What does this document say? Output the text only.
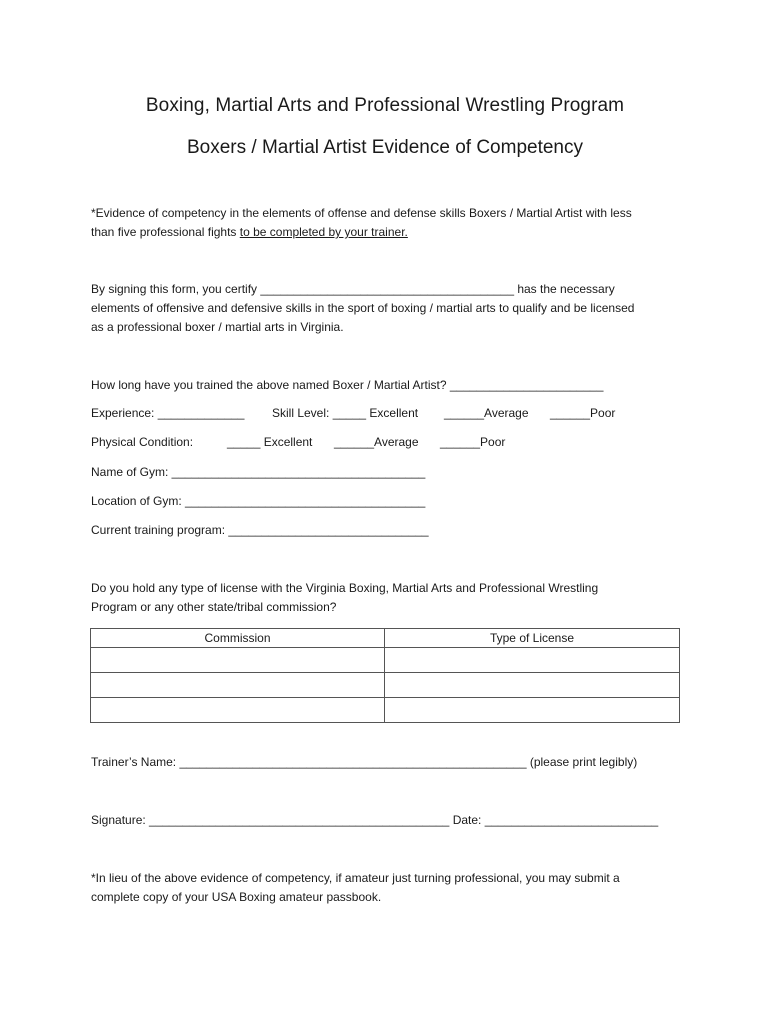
Boxing, Martial Arts and Professional Wrestling Program
Boxers / Martial Artist Evidence of Competency
*Evidence of competency in the elements of offense and defense skills Boxers / Martial Artist with less
than five professional fights to be completed by your trainer.
By signing this form, you certify ______________________________________ has the necessary
elements of offensive and defensive skills in the sport of boxing / martial arts to qualify and be licensed
as a professional boxer / martial arts in Virginia.
How long have you trained the above named Boxer / Martial Artist? _______________________
Experience: _____________ Skill Level: _____ Excellent ______Average ______Poor
Physical Condition:	_____ Excellent ______Average ______Poor
Name of Gym: ______________________________________
Location of Gym: ____________________________________
Current training program: ______________________________
Do you hold any type of license with the Virginia Boxing, Martial Arts and Professional Wrestling
Program or any other state/tribal commission?
Commission	Type of License

Trainer’s Name: ____________________________________________________ (please print legibly)
Signature: _____________________________________________ Date: __________________________
*In lieu of the above evidence of competency, if amateur just turning professional, you may submit a
complete copy of your USA Boxing amateur passbook.
